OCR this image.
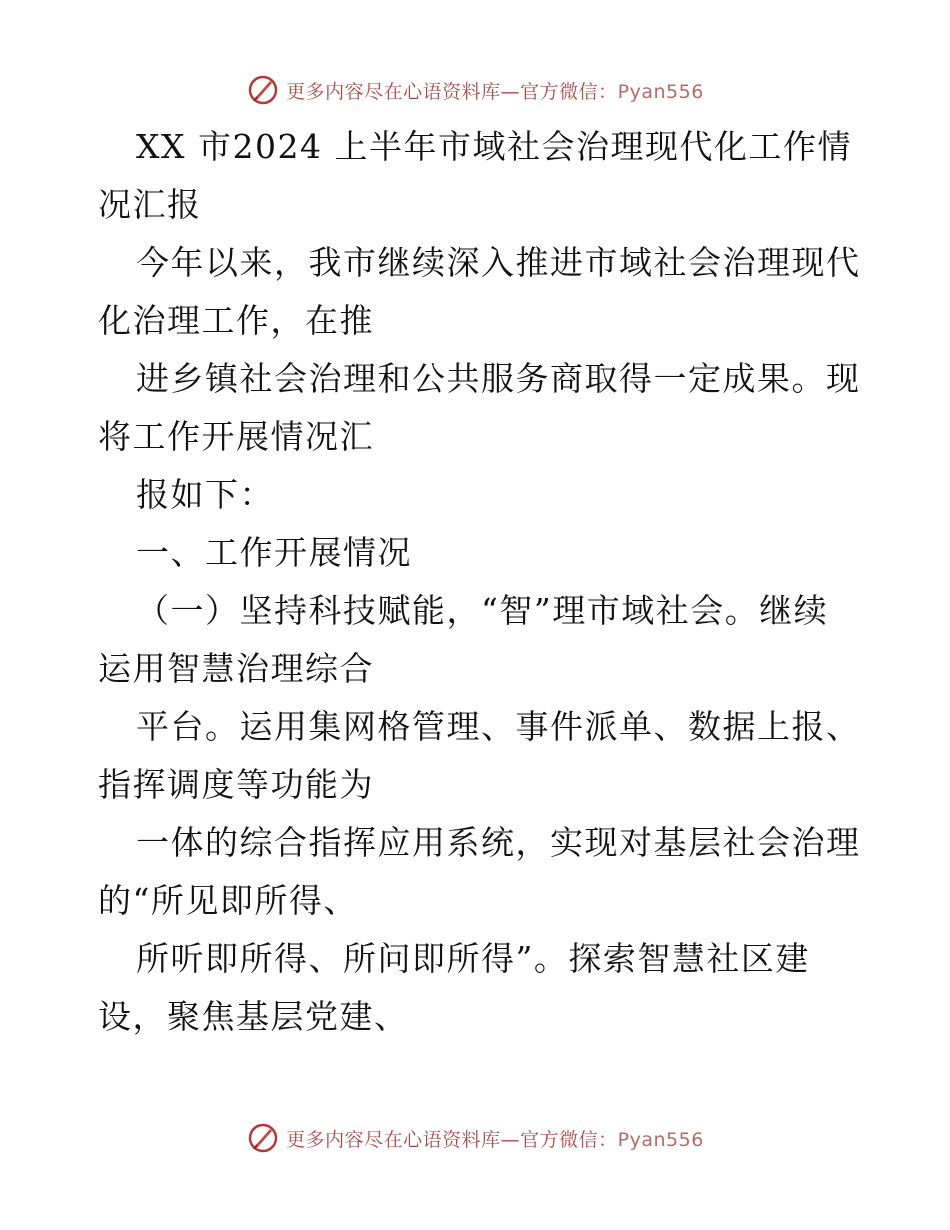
更多内容尽在心语资料库—官方微信：Pyan556
XX 市2024 上半年市域社会治理现代化工作情
况汇报
今年以来，我市继续深入推进市域社会治理现代
化治理工作，在推
进乡镇社会治理和公共服务商取得一定成果。现
将工作开展情况汇
报如下：
一、工作开展情况
（一）坚持科技赋能，“智”理市域社会。继续
运用智慧治理综合
平台。运用集网格管理、事件派单、数据上报、
指挥调度等功能为
一体的综合指挥应用系统，实现对基层社会治理
的“所见即所得、
所听即所得、所问即所得”。探索智慧社区建
设，聚焦基层党建、
更多内容尽在心语资料库—官方微信：Pyan556
